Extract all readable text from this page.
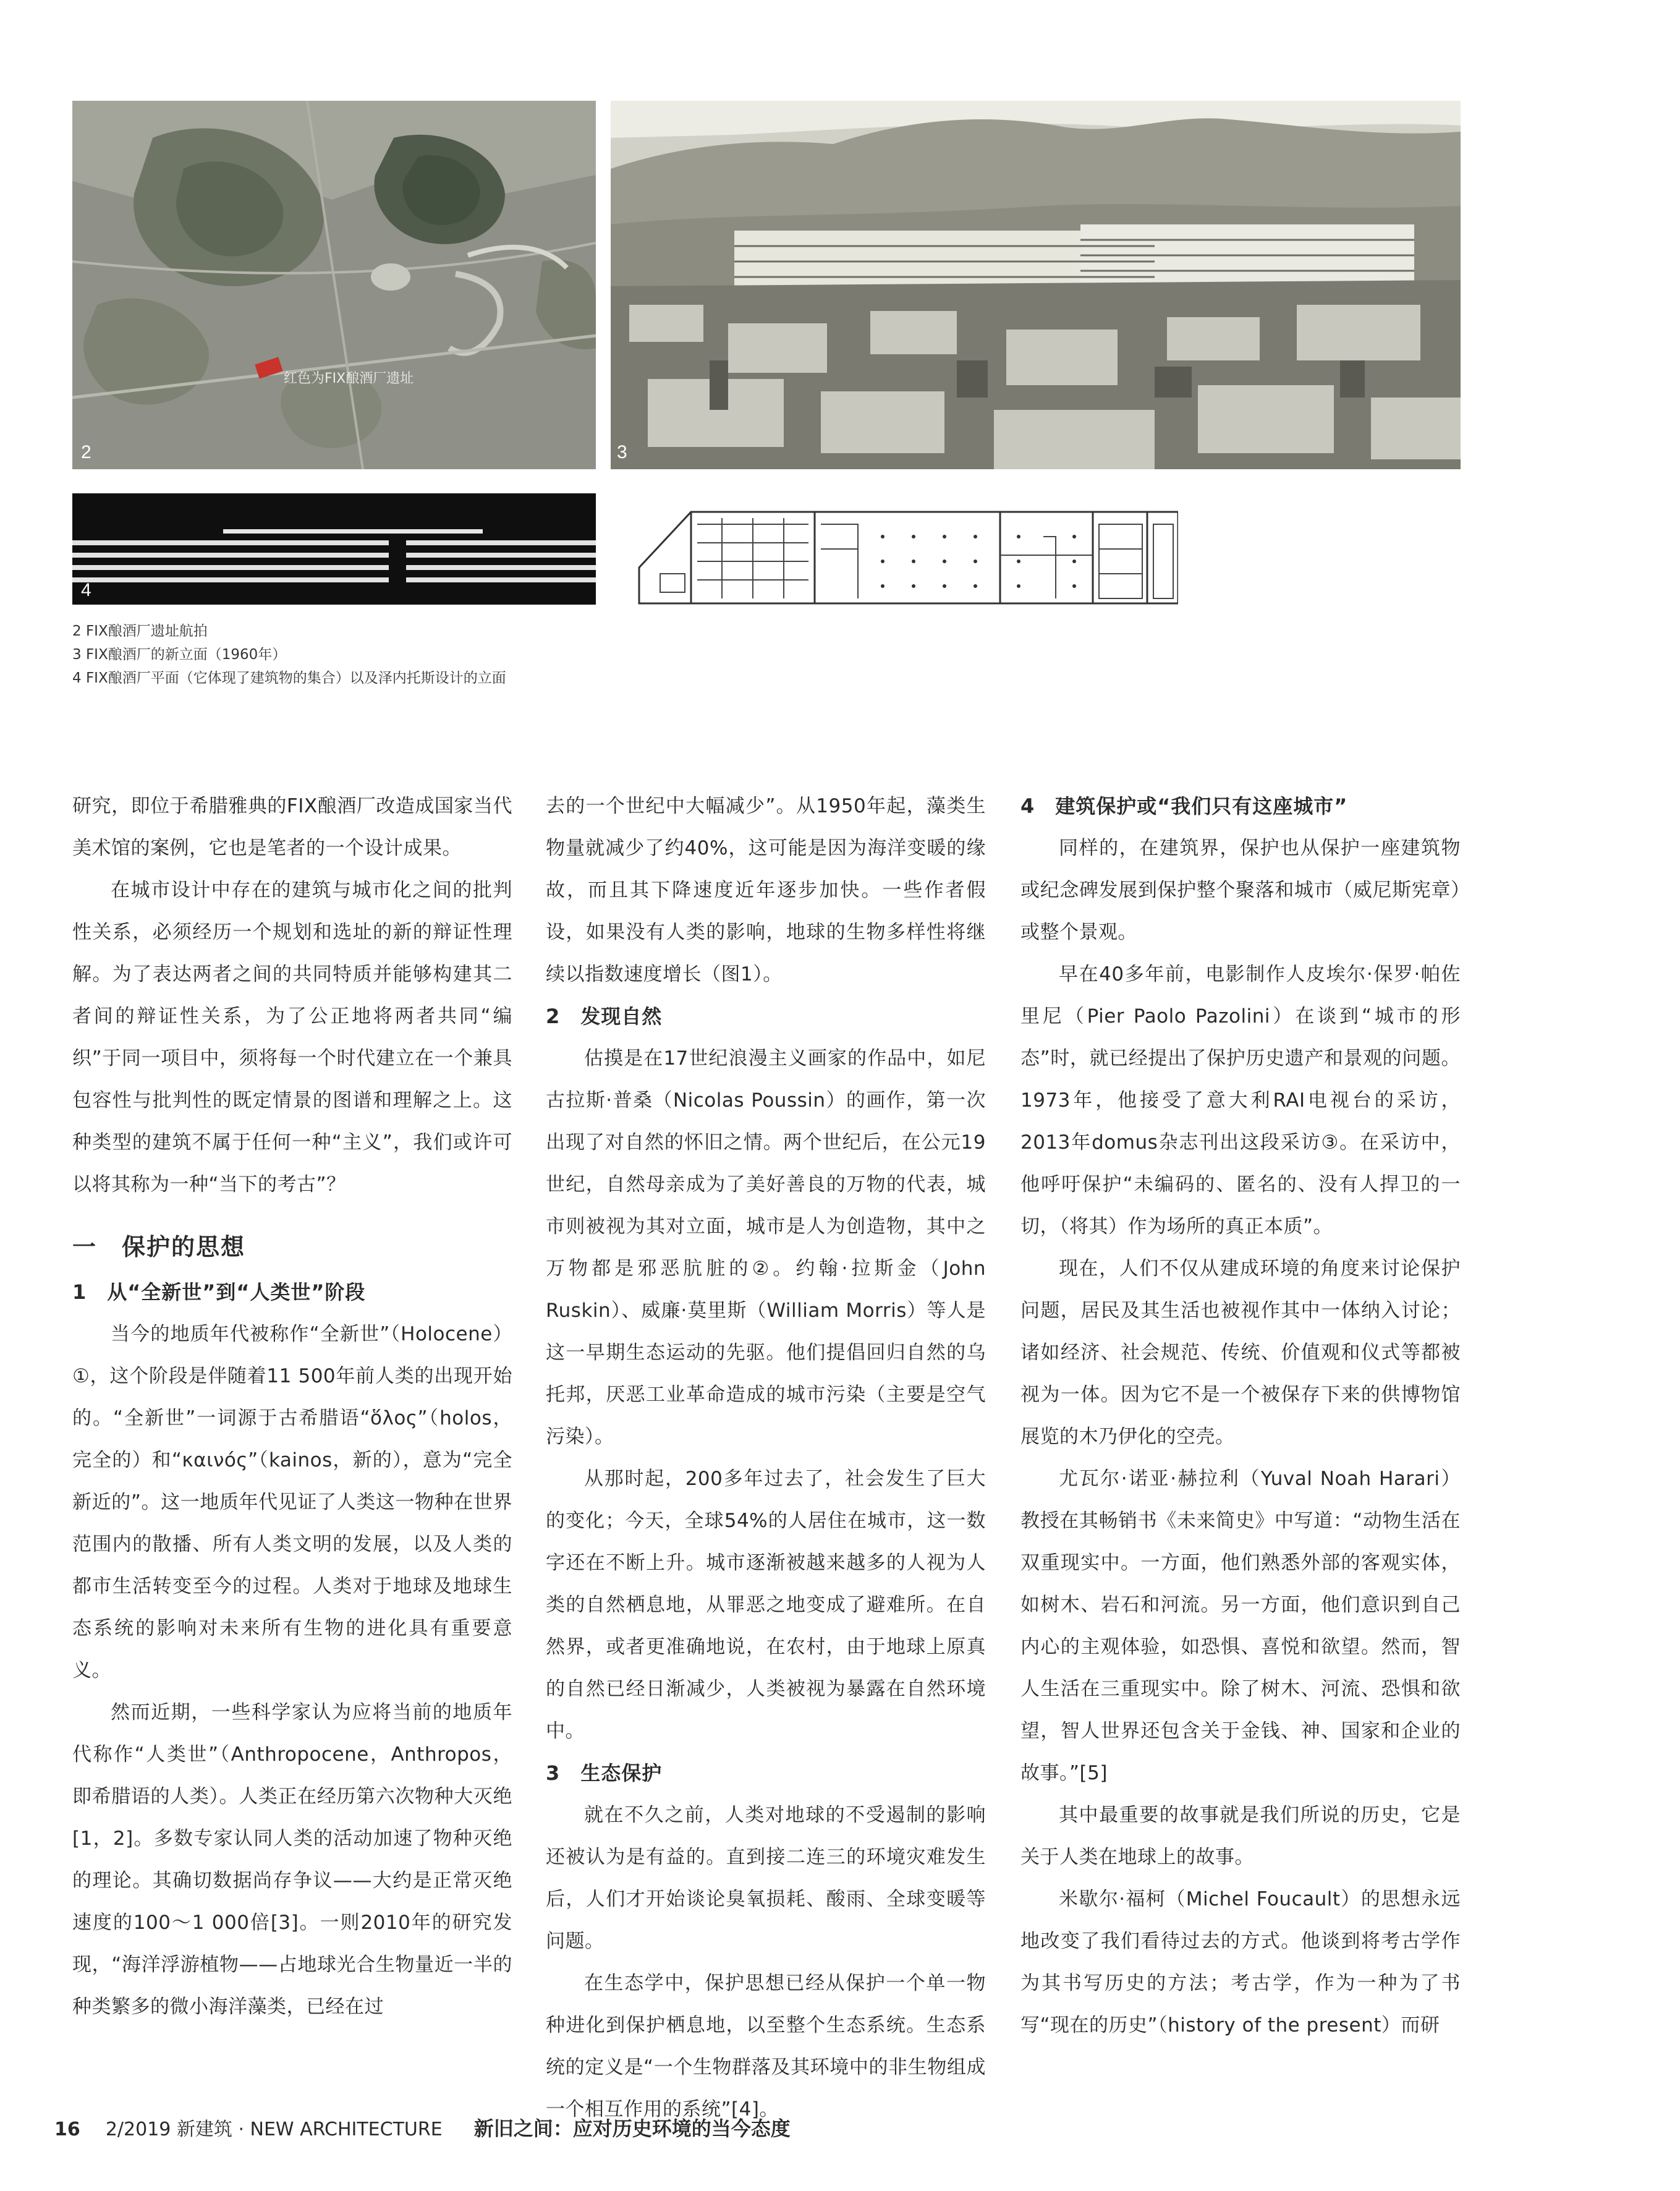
红色为FIX酿酒厂遗址
2	3
4

2 FIX酿酒厂遗址航拍

3 FIX酿酒厂的新立面（1960年）

4 FIX酿酒厂平面（它体现了建筑物的集合）以及泽内托斯设计的立面

研究，即位于希腊雅典的FIX酿酒厂改造成国家当代美术馆的案例，它也是笔者的一个设计成果。

在城市设计中存在的建筑与城市化之间的批判性关系，必须经历一个规划和选址的新的辩证性理解。为了表达两者之间的共同特质并能够构建其二者间的辩证性关系，为了公正地将两者共同“编织”于同一项目中，须将每一个时代建立在一个兼具包容性与批判性的既定情景的图谱和理解之上。这种类型的建筑不属于任何一种“主义”，我们或许可以将其称为一种“当下的考古”？

一　保护的思想
1　从“全新世”到“人类世”阶段

当今的地质年代被称作“全新世”（Holocene）①，这个阶段是伴随着11 500年前人类的出现开始的。“全新世”一词源于古希腊语“ὅλος”（holos，完全的）和“καινός”（kainos，新的），意为“完全新近的”。这一地质年代见证了人类这一物种在世界范围内的散播、所有人类文明的发展，以及人类的都市生活转变至今的过程。人类对于地球及地球生态系统的影响对未来所有生物的进化具有重要意义。

然而近期，一些科学家认为应将当前的地质年代称作“人类世”（Anthropocene，Anthropos，即希腊语的人类）。人类正在经历第六次物种大灭绝[1，2]。多数专家认同人类的活动加速了物种灭绝的理论。其确切数据尚存争议——大约是正常灭绝速度的100～1 000倍[3]。一则2010年的研究发现，“海洋浮游植物——占地球光合生物量近一半的种类繁多的微小海洋藻类，已经在过

去的一个世纪中大幅减少”。从1950年起，藻类生物量就减少了约40%，这可能是因为海洋变暖的缘故，而且其下降速度近年逐步加快。一些作者假设，如果没有人类的影响，地球的生物多样性将继续以指数速度增长（图1）。

2　发现自然

估摸是在17世纪浪漫主义画家的作品中，如尼古拉斯·普桑（Nicolas Poussin）的画作，第一次出现了对自然的怀旧之情。两个世纪后，在公元19世纪，自然母亲成为了美好善良的万物的代表，城市则被视为其对立面，城市是人为创造物，其中之万物都是邪恶肮脏的②。约翰·拉斯金（John Ruskin）、威廉·莫里斯（William Morris）等人是这一早期生态运动的先驱。他们提倡回归自然的乌托邦，厌恶工业革命造成的城市污染（主要是空气污染）。

从那时起，200多年过去了，社会发生了巨大的变化；今天，全球54%的人居住在城市，这一数字还在不断上升。城市逐渐被越来越多的人视为人类的自然栖息地，从罪恶之地变成了避难所。在自然界，或者更准确地说，在农村，由于地球上原真的自然已经日渐减少，人类被视为暴露在自然环境中。

3　生态保护

就在不久之前，人类对地球的不受遏制的影响还被认为是有益的。直到接二连三的环境灾难发生后，人们才开始谈论臭氧损耗、酸雨、全球变暖等问题。

在生态学中，保护思想已经从保护一个单一物种进化到保护栖息地，以至整个生态系统。生态系统的定义是“一个生物群落及其环境中的非生物组成一个相互作用的系统”[4]。

4　建筑保护或“我们只有这座城市”

同样的，在建筑界，保护也从保护一座建筑物或纪念碑发展到保护整个聚落和城市（威尼斯宪章）或整个景观。

早在40多年前，电影制作人皮埃尔·保罗·帕佐里尼（Pier Paolo Pazolini）在谈到“城市的形态”时，就已经提出了保护历史遗产和景观的问题。1973年，他接受了意大利RAI电视台的采访，2013年domus杂志刊出这段采访③。在采访中，他呼吁保护“未编码的、匿名的、没有人捍卫的一切，（将其）作为场所的真正本质”。

现在，人们不仅从建成环境的角度来讨论保护问题，居民及其生活也被视作其中一体纳入讨论；诸如经济、社会规范、传统、价值观和仪式等都被视为一体。因为它不是一个被保存下来的供博物馆展览的木乃伊化的空壳。

尤瓦尔·诺亚·赫拉利（Yuval Noah Harari）教授在其畅销书《未来简史》中写道：“动物生活在双重现实中。一方面，他们熟悉外部的客观实体，如树木、岩石和河流。另一方面，他们意识到自己内心的主观体验，如恐惧、喜悦和欲望。然而，智人生活在三重现实中。除了树木、河流、恐惧和欲望，智人世界还包含关于金钱、神、国家和企业的故事。”[5]

其中最重要的故事就是我们所说的历史，它是关于人类在地球上的故事。

米歇尔·福柯（Michel Foucault）的思想永远地改变了我们看待过去的方式。他谈到将考古学作为其书写历史的方法；考古学，作为一种为了书写“现在的历史”（history of the present）而研

16 2/2019 新建筑 · NEW ARCHITECTURE 新旧之间：应对历史环境的当今态度
